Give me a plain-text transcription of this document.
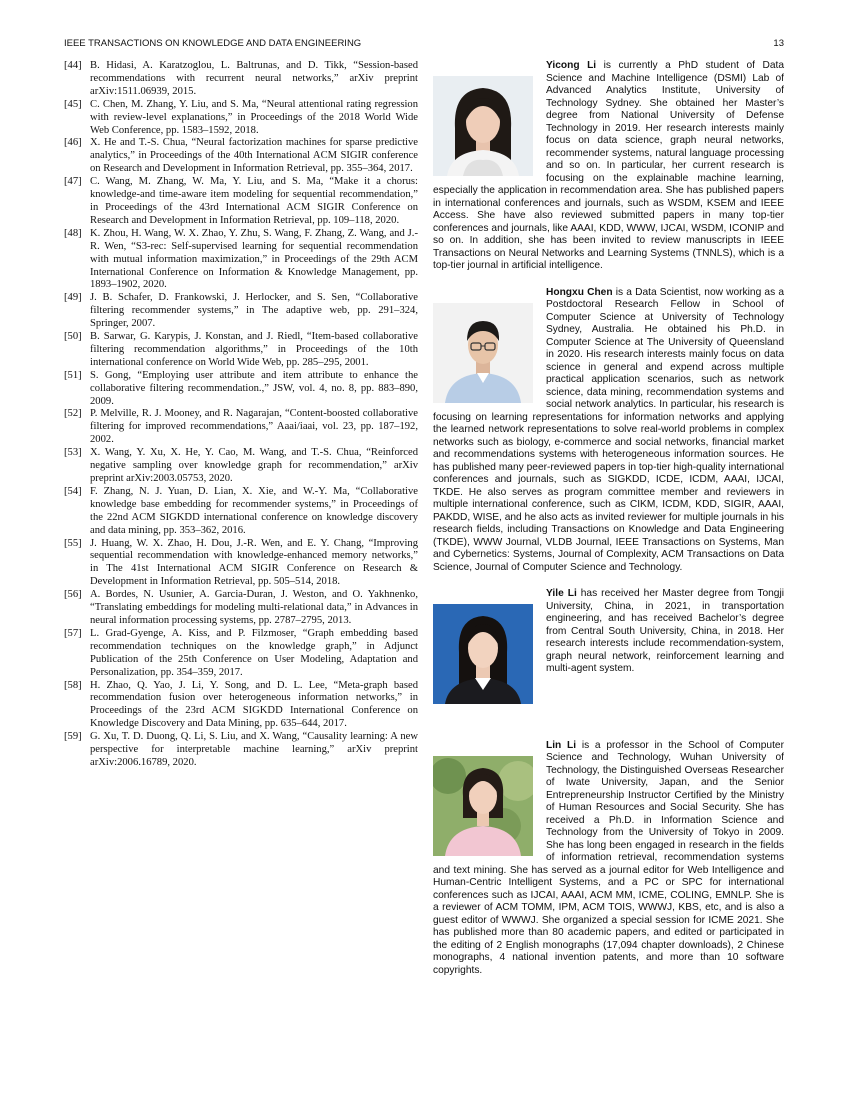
IEEE TRANSACTIONS ON KNOWLEDGE AND DATA ENGINEERING	13
[44] B. Hidasi, A. Karatzoglou, L. Baltrunas, and D. Tikk, “Session-based recommendations with recurrent neural networks,” arXiv preprint arXiv:1511.06939, 2015.
[45] C. Chen, M. Zhang, Y. Liu, and S. Ma, “Neural attentional rating regression with review-level explanations,” in Proceedings of the 2018 World Wide Web Conference, pp. 1583–1592, 2018.
[46] X. He and T.-S. Chua, “Neural factorization machines for sparse predictive analytics,” in Proceedings of the 40th International ACM SIGIR conference on Research and Development in Information Retrieval, pp. 355–364, 2017.
[47] C. Wang, M. Zhang, W. Ma, Y. Liu, and S. Ma, “Make it a chorus: knowledge-and time-aware item modeling for sequential recommendation,” in Proceedings of the 43rd International ACM SIGIR Conference on Research and Development in Information Retrieval, pp. 109–118, 2020.
[48] K. Zhou, H. Wang, W. X. Zhao, Y. Zhu, S. Wang, F. Zhang, Z. Wang, and J.-R. Wen, “S3-rec: Self-supervised learning for sequential recommendation with mutual information maximization,” in Proceedings of the 29th ACM International Conference on Information & Knowledge Management, pp. 1893–1902, 2020.
[49] J. B. Schafer, D. Frankowski, J. Herlocker, and S. Sen, “Collaborative filtering recommender systems,” in The adaptive web, pp. 291–324, Springer, 2007.
[50] B. Sarwar, G. Karypis, J. Konstan, and J. Riedl, “Item-based collaborative filtering recommendation algorithms,” in Proceedings of the 10th international conference on World Wide Web, pp. 285–295, 2001.
[51] S. Gong, “Employing user attribute and item attribute to enhance the collaborative filtering recommendation.,” JSW, vol. 4, no. 8, pp. 883–890, 2009.
[52] P. Melville, R. J. Mooney, and R. Nagarajan, “Content-boosted collaborative filtering for improved recommendations,” Aaai/iaai, vol. 23, pp. 187–192, 2002.
[53] X. Wang, Y. Xu, X. He, Y. Cao, M. Wang, and T.-S. Chua, “Reinforced negative sampling over knowledge graph for recommendation,” arXiv preprint arXiv:2003.05753, 2020.
[54] F. Zhang, N. J. Yuan, D. Lian, X. Xie, and W.-Y. Ma, “Collaborative knowledge base embedding for recommender systems,” in Proceedings of the 22nd ACM SIGKDD international conference on knowledge discovery and data mining, pp. 353–362, 2016.
[55] J. Huang, W. X. Zhao, H. Dou, J.-R. Wen, and E. Y. Chang, “Improving sequential recommendation with knowledge-enhanced memory networks,” in The 41st International ACM SIGIR Conference on Research & Development in Information Retrieval, pp. 505–514, 2018.
[56] A. Bordes, N. Usunier, A. Garcia-Duran, J. Weston, and O. Yakhnenko, “Translating embeddings for modeling multi-relational data,” in Advances in neural information processing systems, pp. 2787–2795, 2013.
[57] L. Grad-Gyenge, A. Kiss, and P. Filzmoser, “Graph embedding based recommendation techniques on the knowledge graph,” in Adjunct Publication of the 25th Conference on User Modeling, Adaptation and Personalization, pp. 354–359, 2017.
[58] H. Zhao, Q. Yao, J. Li, Y. Song, and D. L. Lee, “Meta-graph based recommendation fusion over heterogeneous information networks,” in Proceedings of the 23rd ACM SIGKDD International Conference on Knowledge Discovery and Data Mining, pp. 635–644, 2017.
[59] G. Xu, T. D. Duong, Q. Li, S. Liu, and X. Wang, “Causality learning: A new perspective for interpretable machine learning,” arXiv preprint arXiv:2006.16789, 2020.

Yicong Li is currently a PhD student of Data Science and Machine Intelligence (DSMI) Lab of Advanced Analytics Institute, University of Technology Sydney. She obtained her Master’s degree from National University of Defense Technology in 2019. Her research interests mainly focus on data science, graph neural networks, recommender systems, natural language processing and so on. In particular, her current research is focusing on the explainable machine learning, especially the application in recommendation area. She has published papers in international conferences and journals, such as WSDM, KSEM and IEEE Access. She have also reviewed submitted papers in many top-tier conferences and journals, like AAAI, KDD, WWW, IJCAI, WSDM, ICONIP and so on. In addition, she has been invited to review manuscripts in IEEE Transactions on Neural Networks and Learning Systems (TNNLS), which is a top-tier journal in artificial intelligence.

Hongxu Chen is a Data Scientist, now working as a Postdoctoral Research Fellow in School of Computer Science at University of Technology Sydney, Australia. He obtained his Ph.D. in Computer Science at The University of Queensland in 2020. His research interests mainly focus on data science in general and expend across multiple practical application scenarios, such as network science, data mining, recommendation systems and social network analytics. In particular, his research is focusing on learning representations for information networks and applying the learned network representations to solve real-world problems in complex networks such as biology, e-commerce and social networks, financial market and recommendations systems with heterogeneous information sources. He has published many peer-reviewed papers in top-tier high-quality international conferences and journals, such as SIGKDD, ICDE, ICDM, AAAI, IJCAI, TKDE. He also serves as program committee member and reviewers in multiple international conference, such as CIKM, ICDM, KDD, SIGIR, AAAI, PAKDD, WISE, and he also acts as invited reviewer for multiple journals in his research fields, including Transactions on Knowledge and Data Engineering (TKDE), WWW Journal, VLDB Journal, IEEE Transactions on Systems, Man and Cybernetics: Systems, Journal of Complexity, ACM Transactions on Data Science, Journal of Computer Science and Technology.

Yile Li has received her Master degree from Tongji University, China, in 2021, in transportation engineering, and has received Bachelor’s degree from Central South University, China, in 2018. Her research interests include recommendation-system, graph neural network, reinforcement learning and multi-agent system.

Lin Li is a professor in the School of Computer Science and Technology, Wuhan University of Technology, the Distinguished Overseas Researcher of Iwate University, Japan, and the Senior Entrepreneurship Instructor Certified by the Ministry of Human Resources and Social Security. She has received a Ph.D. in Information Science and Technology from the University of Tokyo in 2009. She has long been engaged in research in the fields of information retrieval, recommendation systems and text mining. She has served as a journal editor for Web Intelligence and Human-Centric Intelligent Systems, and a PC or SPC for international conferences such as IJCAI, AAAI, ACM MM, ICME, COLING, EMNLP. She is a reviewer of ACM TOMM, IPM, ACM TOIS, WWWJ, KBS, etc, and is also a guest editor of WWWJ. She organized a special session for ICME 2021. She has published more than 80 academic papers, and edited or participated in the editing of 2 English monographs (17,094 chapter downloads), 2 Chinese monographs, 4 national invention patents, and more than 10 software copyrights.
